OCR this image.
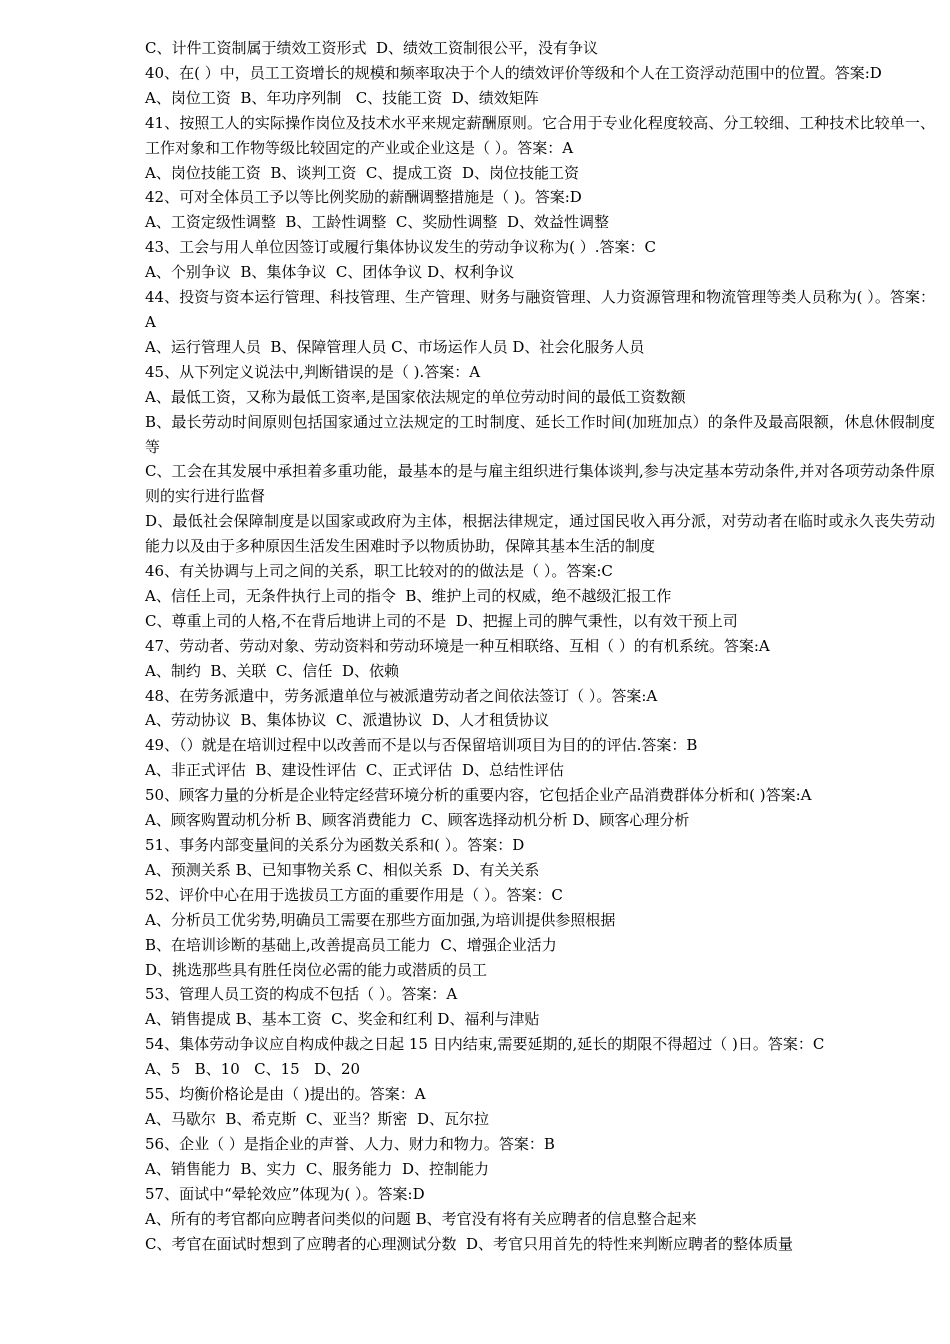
C、计件工资制属于绩效工资形式  D、绩效工资制很公平，没有争议
40、在( ）中，员工工资增长的规模和频率取决于个人的绩效评价等级和个人在工资浮动范围中的位置。答案:D
A、岗位工资  B、年功序列制   C、技能工资  D、绩效矩阵
41、按照工人的实际操作岗位及技术水平来规定薪酬原则。它合用于专业化程度较高、分工较细、工种技术比较单一、工作对象和工作物等级比较固定的产业或企业这是（ ）。答案：A
A、岗位技能工资  B、谈判工资  C、提成工资  D、岗位技能工资
42、可对全体员工予以等比例奖励的薪酬调整措施是（ )。答案:D
A、工资定级性调整  B、工龄性调整  C、奖励性调整  D、效益性调整
43、工会与用人单位因签订或履行集体协议发生的劳动争议称为( ）.答案：C
A、个别争议  B、集体争议  C、团体争议 D、权利争议
44、投资与资本运行管理、科技管理、生产管理、财务与融资管理、人力资源管理和物流管理等类人员称为( ）。答案：A
A、运行管理人员  B、保障管理人员 C、市场运作人员 D、社会化服务人员
45、从下列定义说法中,判断错误的是（ ).答案：A
A、最低工资，又称为最低工资率,是国家依法规定的单位劳动时间的最低工资数额
B、最长劳动时间原则包括国家通过立法规定的工时制度、延长工作时间(加班加点）的条件及最高限额，休息休假制度等
C、工会在其发展中承担着多重功能，最基本的是与雇主组织进行集体谈判,参与决定基本劳动条件,并对各项劳动条件原则的实行进行监督
D、最低社会保障制度是以国家或政府为主体，根据法律规定，通过国民收入再分派，对劳动者在临时或永久丧失劳动能力以及由于多种原因生活发生困难时予以物质协助，保障其基本生活的制度
46、有关协调与上司之间的关系，职工比较对的的做法是（ ）。答案:C
A、信任上司，无条件执行上司的指令  B、维护上司的权威，绝不越级汇报工作
C、尊重上司的人格,不在背后地讲上司的不是  D、把握上司的脾气秉性，以有效干预上司
47、劳动者、劳动对象、劳动资料和劳动环境是一种互相联络、互相（ ）的有机系统。答案:A
A、制约  B、关联  C、信任  D、依赖
48、在劳务派遣中，劳务派遣单位与被派遣劳动者之间依法签订（ ）。答案:A
A、劳动协议  B、集体协议  C、派遣协议  D、人才租赁协议
49、（）就是在培训过程中以改善而不是以与否保留培训项目为目的的评估.答案：B
A、非正式评估  B、建设性评估  C、正式评估  D、总结性评估
50、顾客力量的分析是企业特定经营环境分析的重要内容，它包括企业产品消费群体分析和( )答案:A
A、顾客购置动机分析 B、顾客消费能力  C、顾客选择动机分析 D、顾客心理分析
51、事务内部变量间的关系分为函数关系和( ）。答案：D
A、预测关系 B、已知事物关系 C、相似关系  D、有关关系
52、评价中心在用于选拔员工方面的重要作用是（ ）。答案：C
A、分析员工优劣势,明确员工需要在那些方面加强,为培训提供参照根据
B、在培训诊断的基础上,改善提高员工能力  C、增强企业活力
D、挑选那些具有胜任岗位必需的能力或潜质的员工
53、管理人员工资的构成不包括（ ）。答案：A
A、销售提成 B、基本工资  C、奖金和红利 D、福利与津贴
54、集体劳动争议应自构成仲裁之日起 15 日内结束,需要延期的,延长的期限不得超过（ )日。答案：C
A、5   B、10   C、15   D、20
55、均衡价格论是由（ )提出的。答案：A
A、马歇尔  B、希克斯  C、亚当？斯密  D、瓦尔拉
56、企业（ ）是指企业的声誉、人力、财力和物力。答案：B
A、销售能力  B、实力  C、服务能力  D、控制能力
57、面试中“晕轮效应”体现为( ）。答案:D
A、所有的考官都向应聘者问类似的问题 B、考官没有将有关应聘者的信息整合起来
C、考官在面试时想到了应聘者的心理测试分数  D、考官只用首先的特性来判断应聘者的整体质量
